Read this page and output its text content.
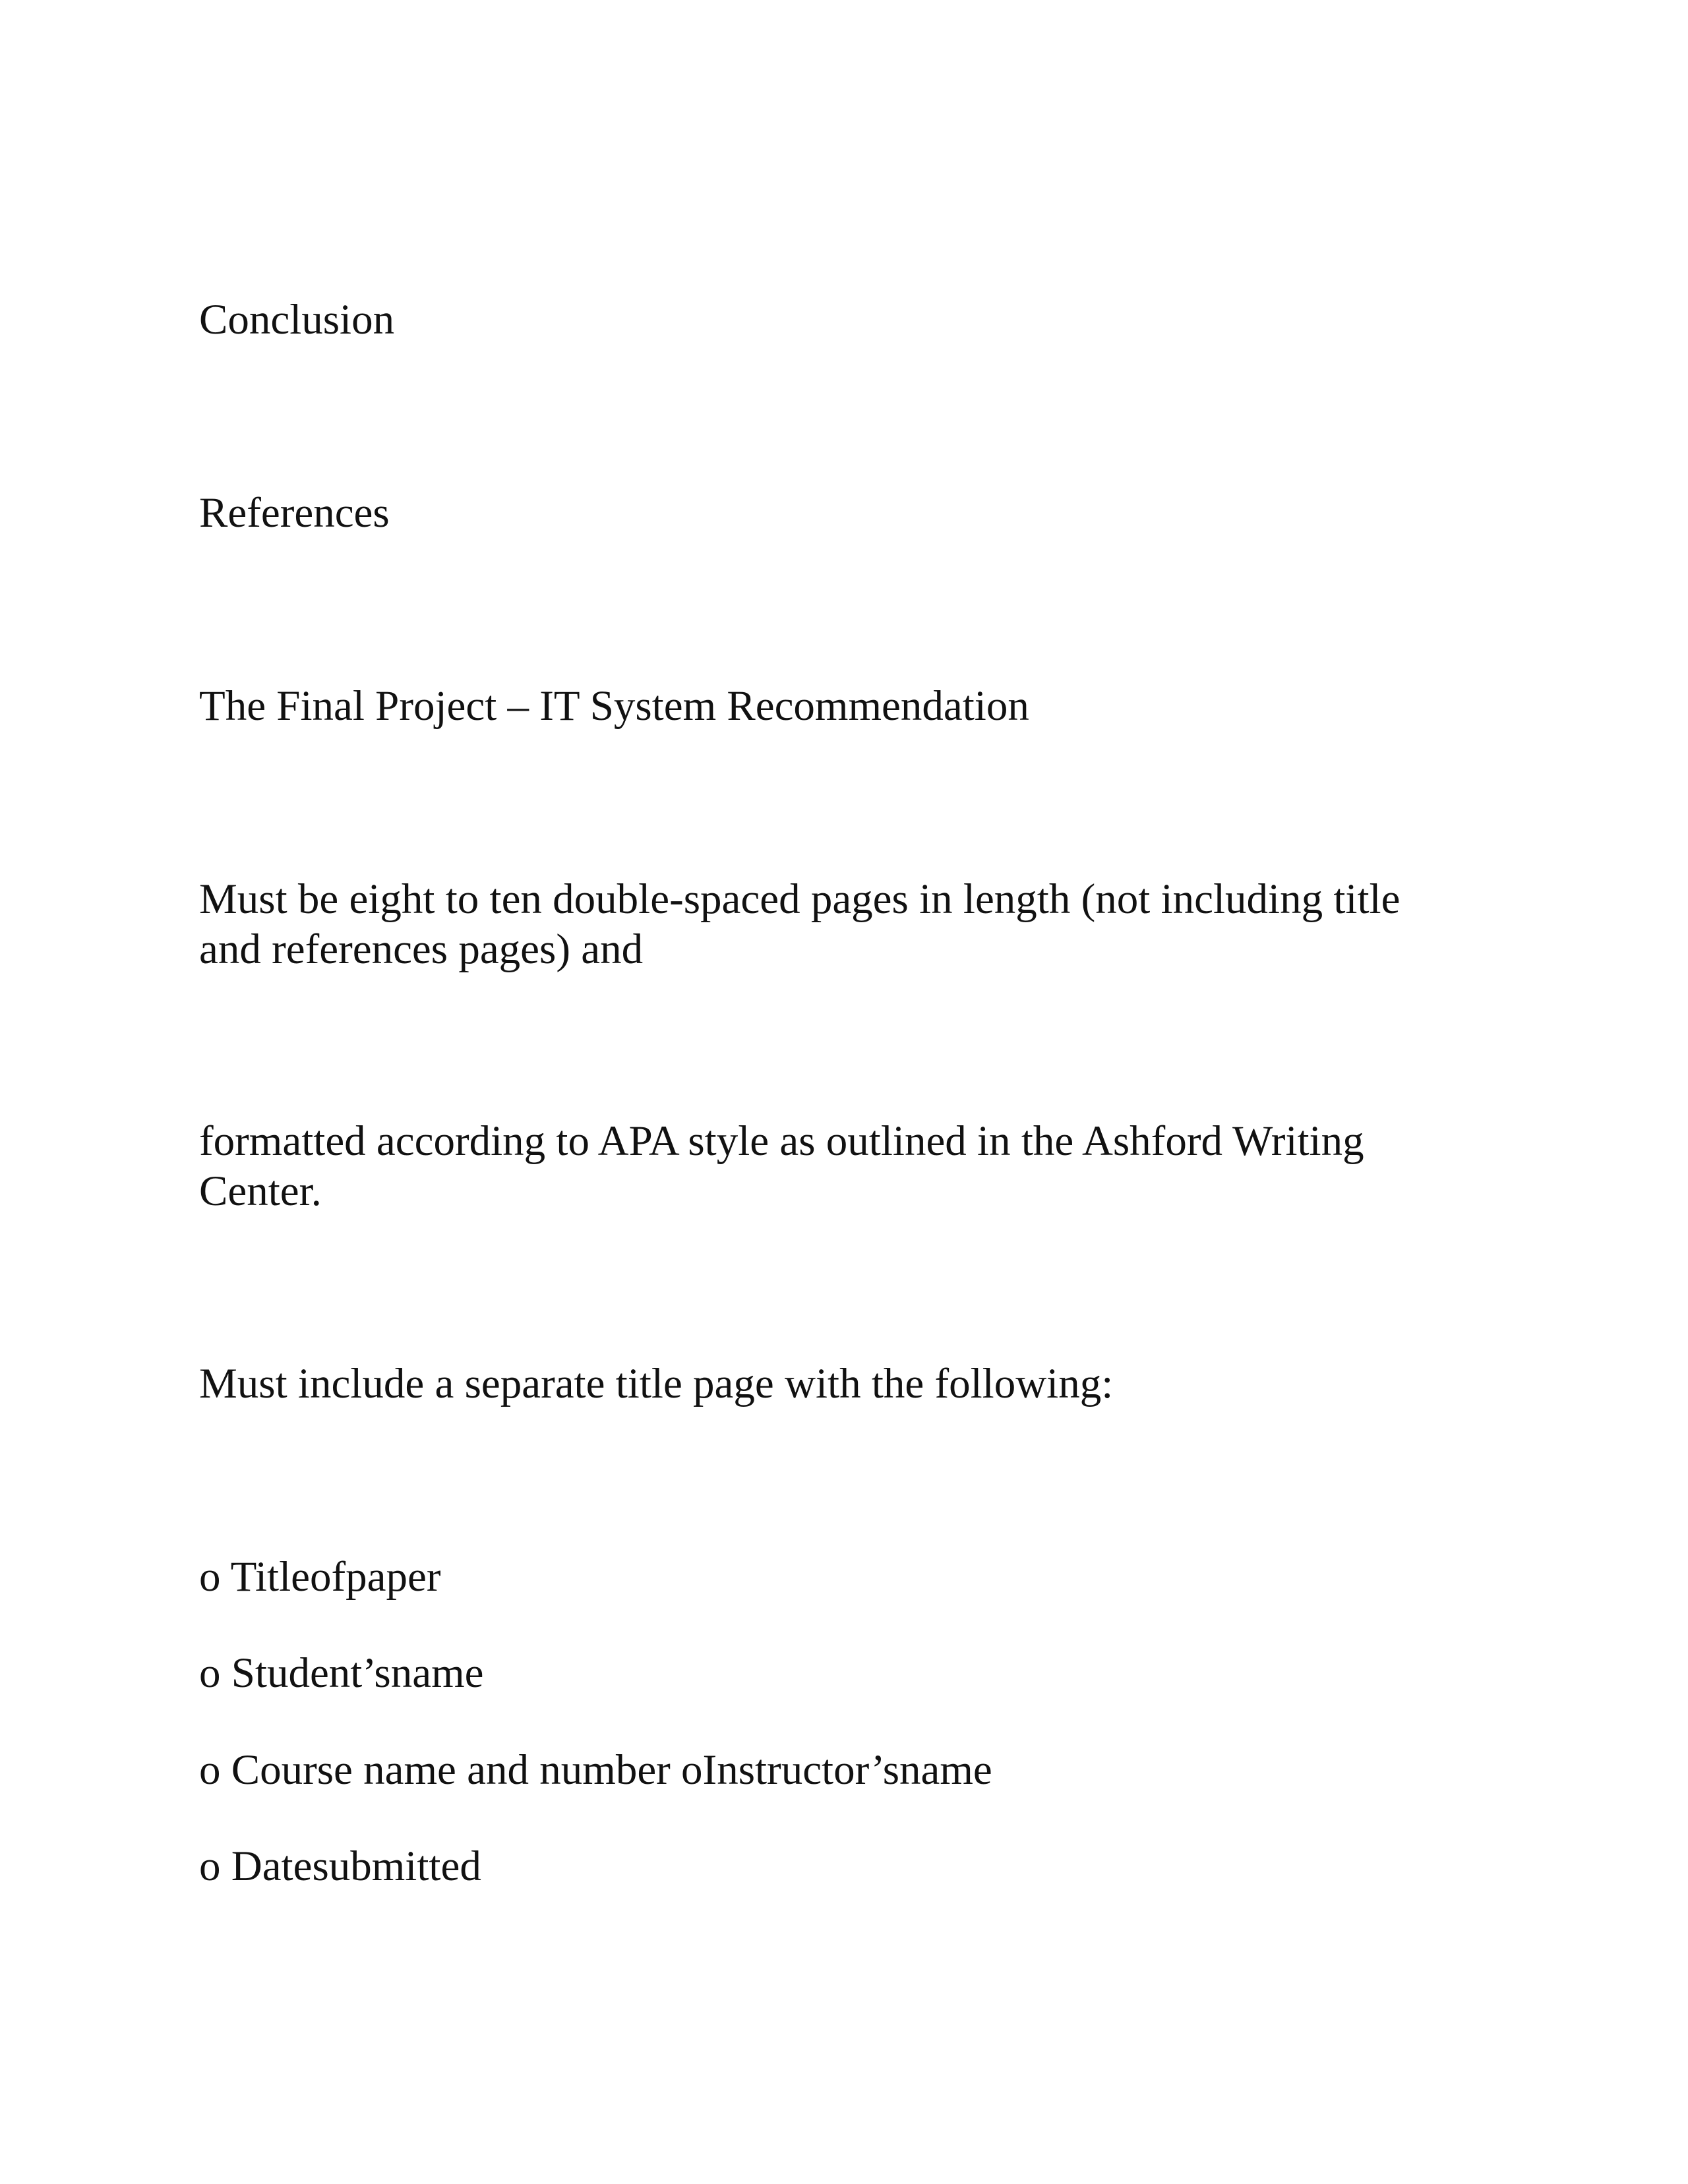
Conclusion
References
The Final Project – IT System Recommendation

Must be eight to ten double-spaced pages in length (not including title
and references pages) and

formatted according to APA style as outlined in the Ashford Writing
Center.

Must include a separate title page with the following:

o Titleofpaper

o Student’sname

o Course name and number oInstructor’sname

o Datesubmitted
